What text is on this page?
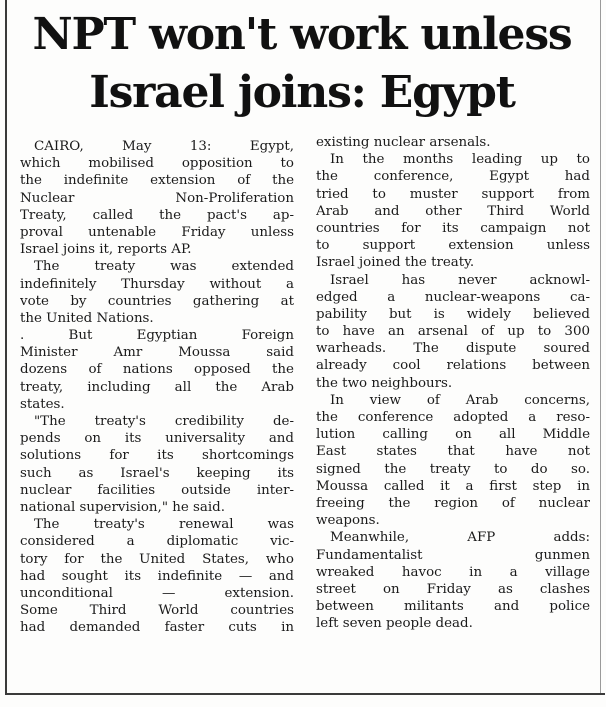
NPT won't work unless
Israel joins: Egypt
CAIRO, May 13: Egypt,
which mobilised opposition to
the indefinite extension of the
Nuclear Non-Proliferation
Treaty, called the pact's ap-
proval untenable Friday unless
Israel joins it, reports AP.
The treaty was extended
indefinitely Thursday without a
vote by countries gathering at
the United Nations.
. But Egyptian Foreign
Minister Amr Moussa said
dozens of nations opposed the
treaty, including all the Arab
states.
"The treaty's credibility de-
pends on its universality and
solutions for its shortcomings
such as Israel's keeping its
nuclear facilities outside inter-
national supervision," he said.
The treaty's renewal was
considered a diplomatic vic-
tory for the United States, who
had sought its indefinite — and
unconditional — extension.
Some Third World countries
had demanded faster cuts in
existing nuclear arsenals.
In the months leading up to
the conference, Egypt had
tried to muster support from
Arab and other Third World
countries for its campaign not
to support extension unless
Israel joined the treaty.
Israel has never acknowl-
edged a nuclear-weapons ca-
pability but is widely believed
to have an arsenal of up to 300
warheads. The dispute soured
already cool relations between
the two neighbours.
In view of Arab concerns,
the conference adopted a reso-
lution calling on all Middle
East states that have not
signed the treaty to do so.
Moussa called it a first step in
freeing the region of nuclear
weapons.
Meanwhile, AFP adds:
Fundamentalist gunmen
wreaked havoc in a village
street on Friday as clashes
between militants and police
left seven people dead.
